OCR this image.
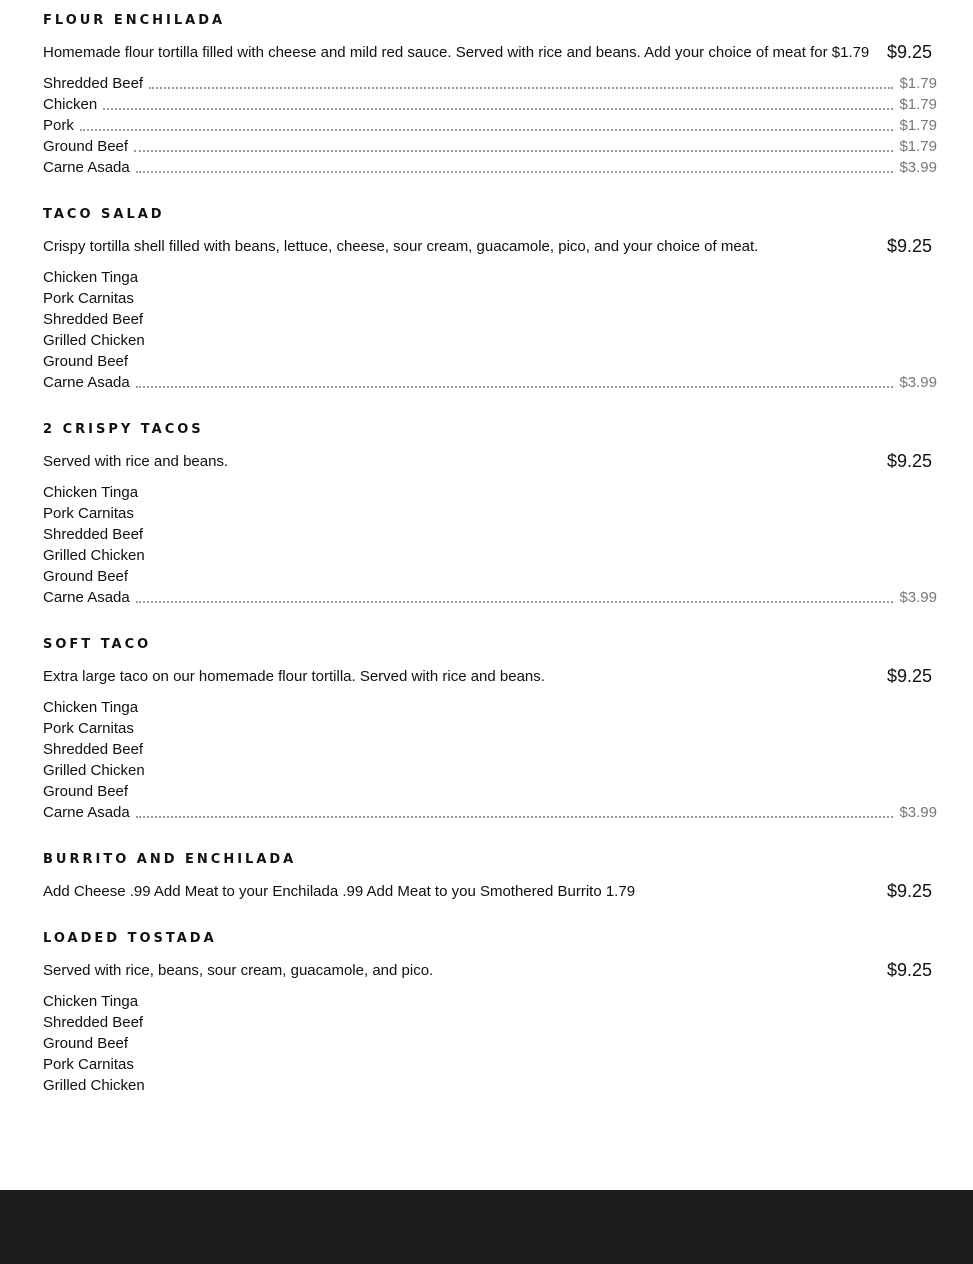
FLOUR ENCHILADA
Homemade flour tortilla filled with cheese and mild red sauce. Served with rice and beans. Add your choice of meat for $1.79 $9.25
Shredded Beef	$1.79
Chicken	$1.79
Pork	$1.79
Ground Beef	$1.79
Carne Asada	$3.99
TACO SALAD
Crispy tortilla shell filled with beans, lettuce, cheese, sour cream, guacamole, pico, and your choice of meat.	$9.25
Chicken Tinga
Pork Carnitas
Shredded Beef
Grilled Chicken
Ground Beef
Carne Asada	$3.99
2 CRISPY TACOS
Served with rice and beans.	$9.25
Chicken Tinga
Pork Carnitas
Shredded Beef
Grilled Chicken
Ground Beef
Carne Asada	$3.99
SOFT TACO
Extra large taco on our homemade flour tortilla. Served with rice and beans.	$9.25
Chicken Tinga
Pork Carnitas
Shredded Beef
Grilled Chicken
Ground Beef
Carne Asada	$3.99
BURRITO AND ENCHILADA
Add Cheese .99 Add Meat to your Enchilada .99 Add Meat to you Smothered Burrito 1.79	$9.25
LOADED TOSTADA
Served with rice, beans, sour cream, guacamole, and pico.	$9.25
Chicken Tinga
Shredded Beef
Ground Beef
Pork Carnitas
Grilled Chicken
